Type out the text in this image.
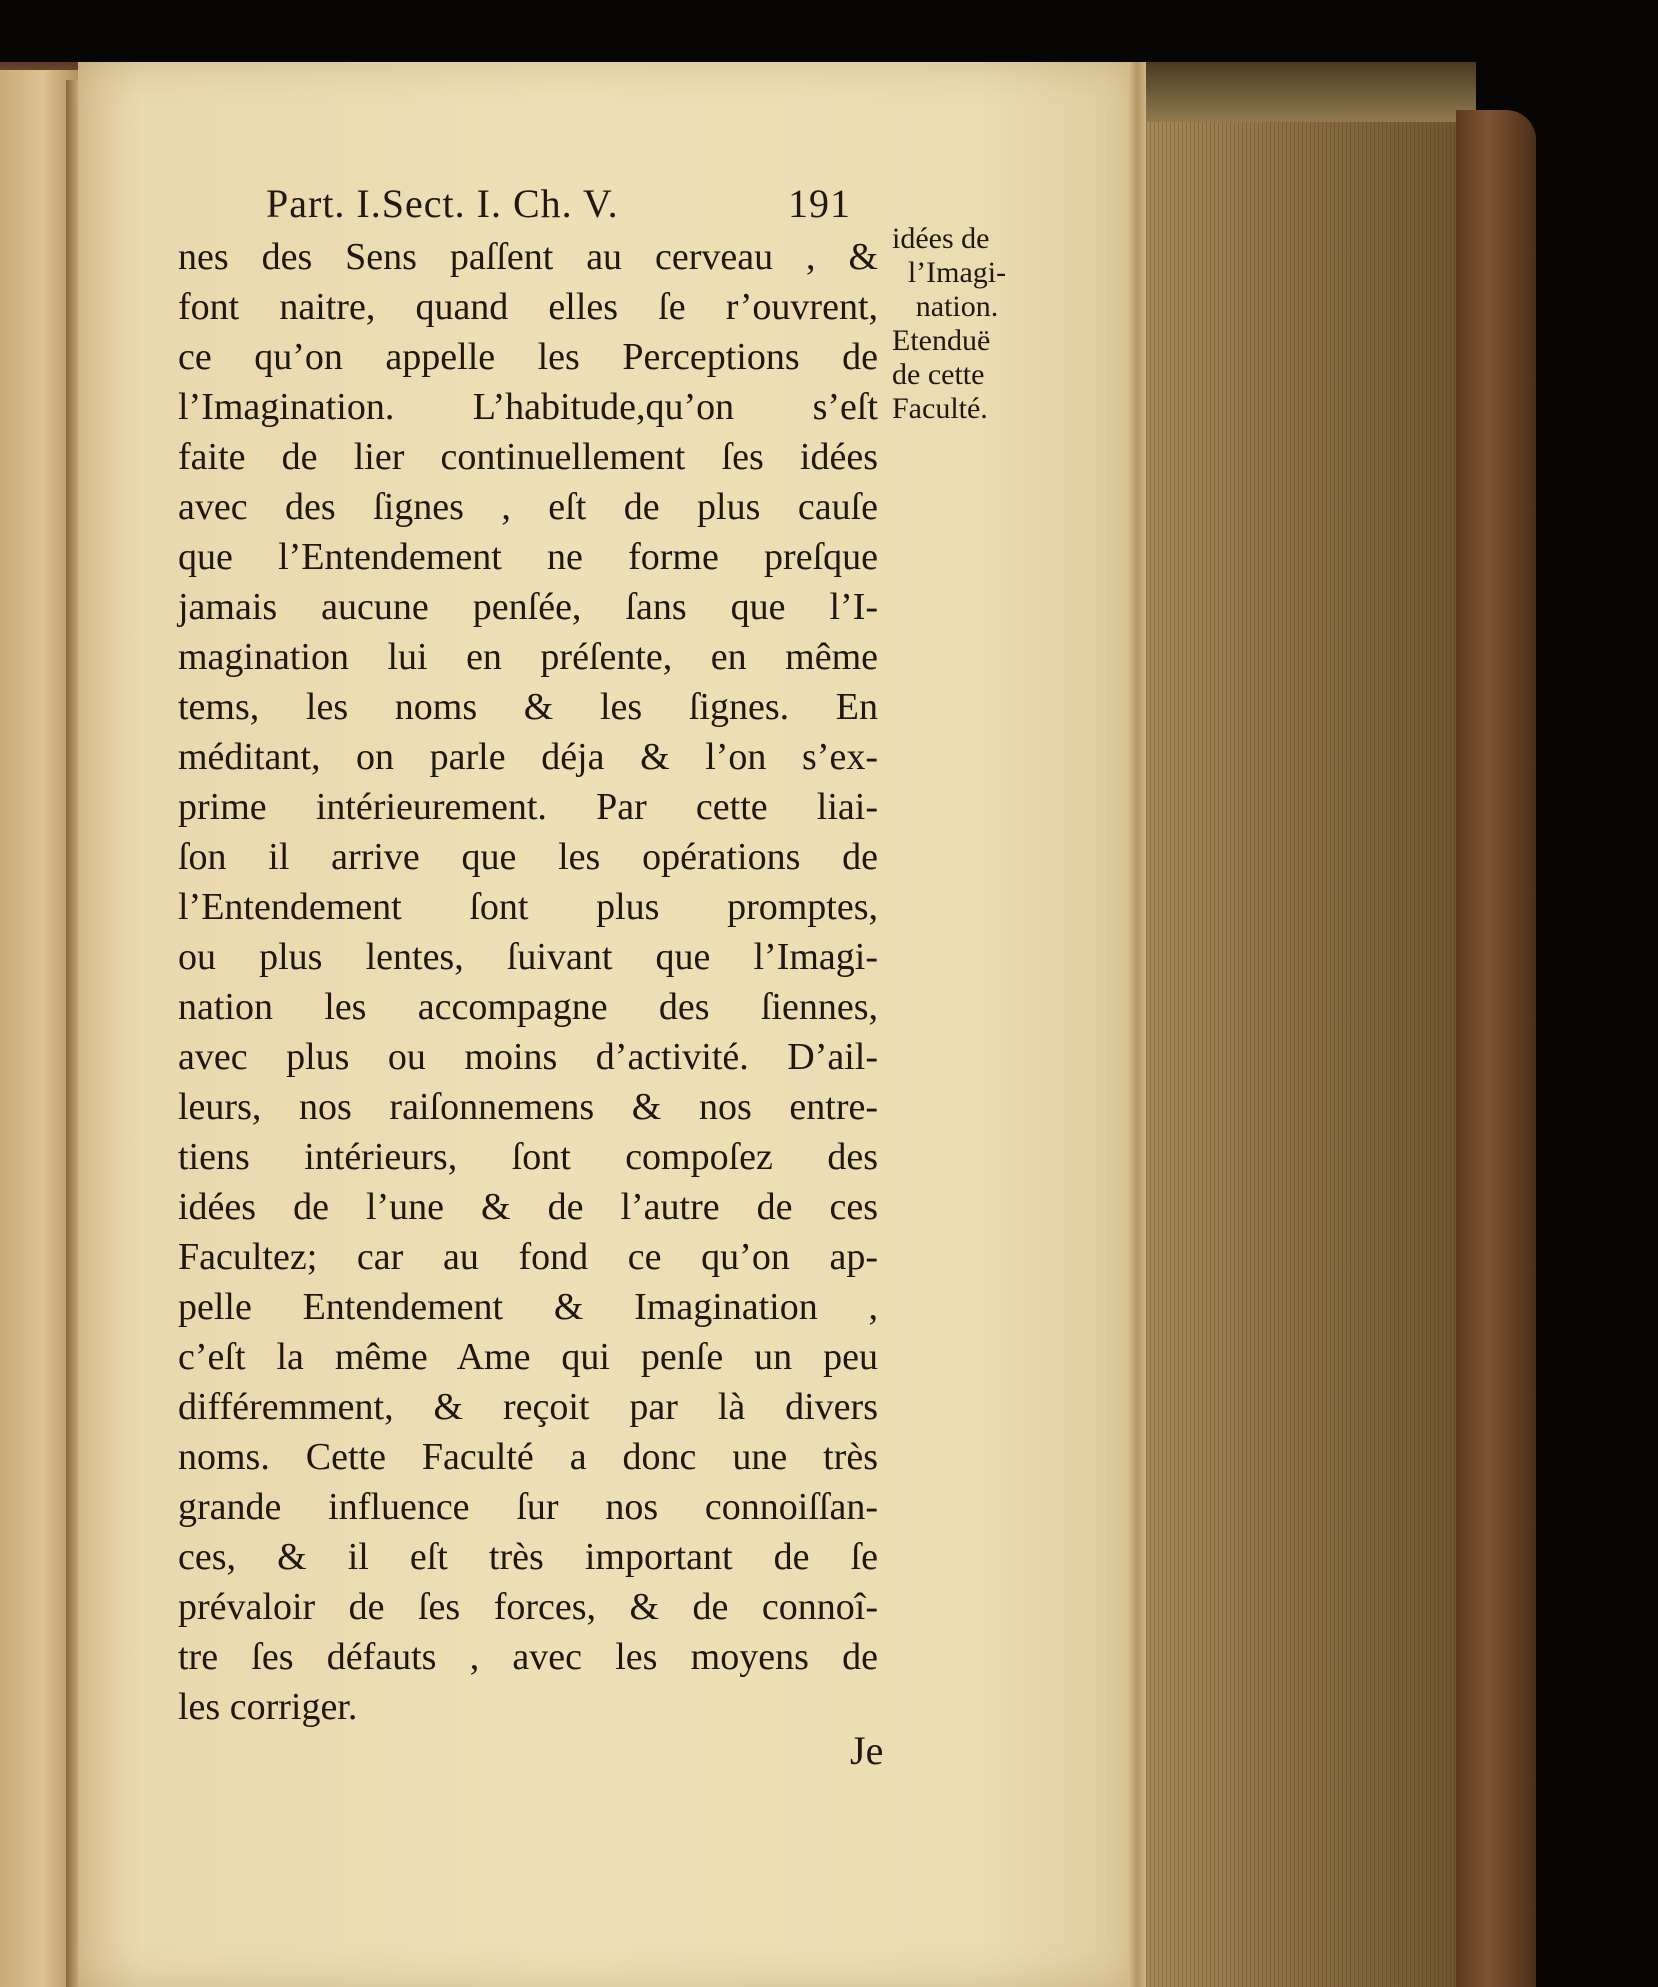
Part. I.Sect. I. Ch. V.	191
nes des Sens paſſent au cerveau , &
font naitre, quand elles ſe r’ouvrent,
ce qu’on appelle les Perceptions de
l’Imagination. L’habitude,qu’on s’eſt
faite de lier continuellement ſes idées
avec des ſignes , eſt de plus cauſe
que l’Entendement ne forme preſque
jamais aucune penſée, ſans que l’I-
magination lui en préſente, en même
tems, les noms & les ſignes. En
méditant, on parle déja & l’on s’ex-
prime intérieurement. Par cette liai-
ſon il arrive que les opérations de
l’Entendement ſont plus promptes,
ou plus lentes, ſuivant que l’Imagi-
nation les accompagne des ſiennes,
avec plus ou moins d’activité. D’ail-
leurs, nos raiſonnemens & nos entre-
tiens intérieurs, ſont compoſez des
idées de l’une & de l’autre de ces
Facultez; car au fond ce qu’on ap-
pelle Entendement & Imagination ,
c’eſt la même Ame qui penſe un peu
différemment, & reçoit par là divers
noms. Cette Faculté a donc une très
grande influence ſur nos connoiſſan-
ces, & il eſt très important de ſe
prévaloir de ſes forces, & de connoî-
tre ſes défauts , avec les moyens de
les corriger.
idées de
l’Imagi-
nation.
Etenduë
de cette
Faculté.
Je
